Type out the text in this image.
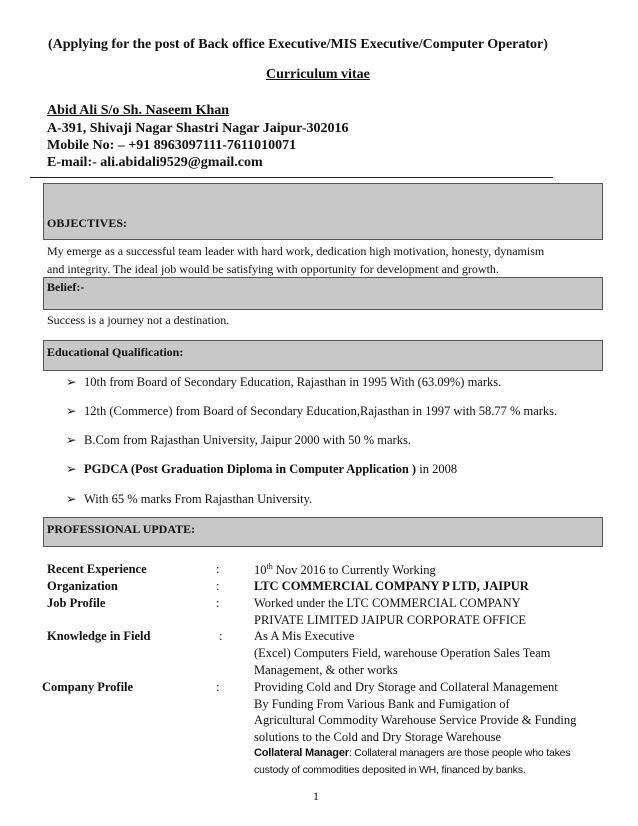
(Applying for the post of Back office Executive/MIS Executive/Computer Operator)
Curriculum vitae
Abid Ali S/o Sh. Naseem Khan
A-391, Shivaji Nagar Shastri Nagar Jaipur-302016
Mobile No: – +91 8963097111-7611010071
E-mail:- ali.abidali9529@gmail.com
OBJECTIVES:
My emerge as a successful team leader with hard work, dedication high motivation, honesty, dynamism
and integrity. The ideal job would be satisfying with opportunity for development and growth.
Belief:-
Success is a journey not a destination.
Educational Qualification:
➢ 10th from Board of Secondary Education, Rajasthan in 1995 With (63.09%) marks.
➢ 12th (Commerce) from Board of Secondary Education,Rajasthan in 1997 with 58.77 % marks.
➢ B.Com from Rajasthan University, Jaipur 2000 with 50 % marks.
➢ PGDCA (Post Graduation Diploma in Computer Application ) in 2008
➢ With 65 % marks From Rajasthan University.
PROFESSIONAL UPDATE:
Recent Experience	:	10th Nov 2016 to Currently Working
Organization	:	LTC COMMERCIAL COMPANY P LTD, JAIPUR
Job Profile	:	Worked under the LTC COMMERCIAL COMPANY
PRIVATE LIMITED JAIPUR CORPORATE OFFICE
Knowledge in Field	:	As A Mis Executive
(Excel) Computers Field, warehouse Operation Sales Team
Management, & other works
Company Profile	:	Providing Cold and Dry Storage and Collateral Management
By Funding From Various Bank and Fumigation of
Agricultural Commodity Warehouse Service Provide & Funding
solutions to the Cold and Dry Storage Warehouse
Collateral Manager: Collateral managers are those people who takes
custody of commodities deposited in WH, financed by banks.
1
